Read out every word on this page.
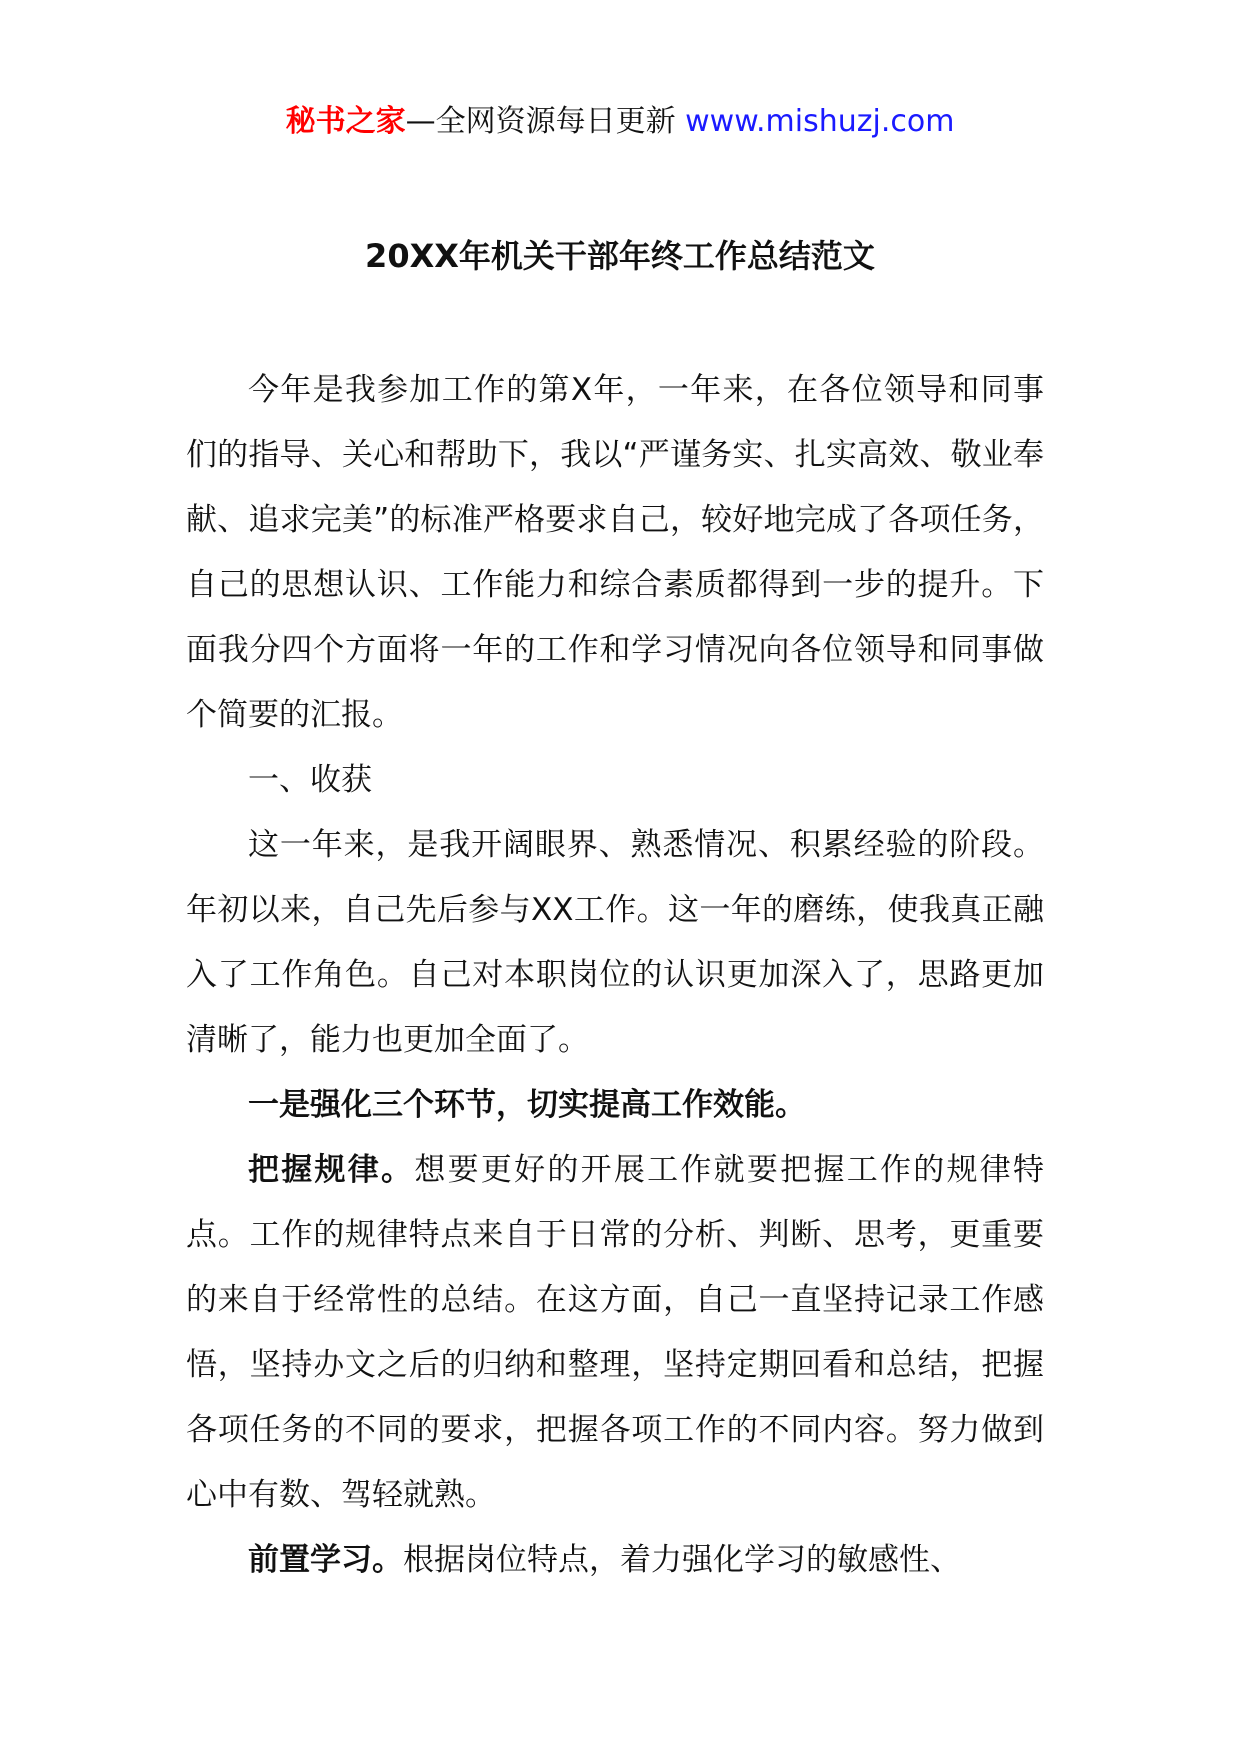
秘书之家—全网资源每日更新 www.mishuzj.com
20XX年机关干部年终工作总结范文

今年是我参加工作的第X年，一年来，在各位领导和同事们的指导、关心和帮助下，我以“严谨务实、扎实高效、敬业奉献、追求完美”的标准严格要求自己，较好地完成了各项任务，自己的思想认识、工作能力和综合素质都得到一步的提升。下面我分四个方面将一年的工作和学习情况向各位领导和同事做个简要的汇报。

一、收获

这一年来，是我开阔眼界、熟悉情况、积累经验的阶段。年初以来，自己先后参与XX工作。这一年的磨练，使我真正融入了工作角色。自己对本职岗位的认识更加深入了，思路更加清晰了，能力也更加全面了。

一是强化三个环节，切实提高工作效能。

把握规律。想要更好的开展工作就要把握工作的规律特点。工作的规律特点来自于日常的分析、判断、思考，更重要的来自于经常性的总结。在这方面，自己一直坚持记录工作感悟，坚持办文之后的归纳和整理，坚持定期回看和总结，把握各项任务的不同的要求，把握各项工作的不同内容。努力做到心中有数、驾轻就熟。

前置学习。根据岗位特点，着力强化学习的敏感性、
